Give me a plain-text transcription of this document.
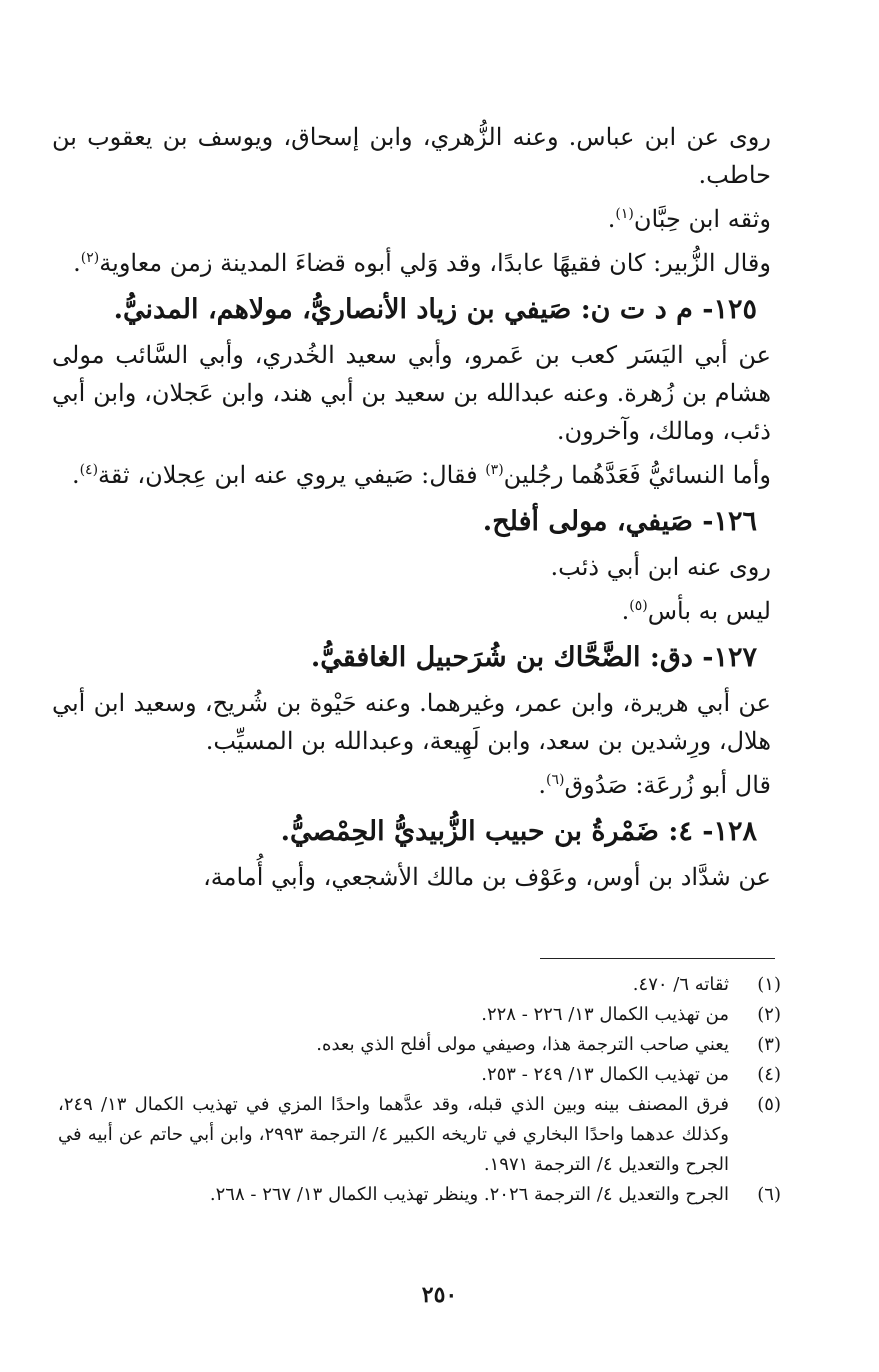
روى عن ابن عباس. وعنه الزُّهري، وابن إسحاق، ويوسف بن يعقوب بن حاطب.

وثقه ابن حِبَّان$^{(١)}$.

وقال الزُّبير: كان فقيهًا عابدًا، وقد وَلي أبوه قضاءَ المدينة زمن معاوية$^{(٢)}$.

١٢٥- م د ت ن: صَيفي بن زياد الأنصاريُّ، مولاهم، المدنيُّ.

عن أبي اليَسَر كعب بن عَمرو، وأبي سعيد الخُدري، وأبي السَّائب مولى هشام بن زُهرة. وعنه عبدالله بن سعيد بن أبي هند، وابن عَجلان، وابن أبي ذئب، ومالك، وآخرون.

وأما النسائيُّ فَعَدَّهُما رجُلين$^{(٣)}$ فقال: صَيفي يروي عنه ابن عِجلان، ثقة$^{(٤)}$.

١٢٦- صَيفي، مولى أفلح.

روى عنه ابن أبي ذئب.

ليس به بأس$^{(٥)}$.

١٢٧- دق: الضَّحَّاك بن شُرَحبيل الغافقيُّ.

عن أبي هريرة، وابن عمر، وغيرهما. وعنه حَيْوة بن شُريح، وسعيد ابن أبي هلال، ورِشدين بن سعد، وابن لَهِيعة، وعبدالله بن المسيِّب.

قال أبو زُرعَة: صَدُوق$^{(٦)}$.

١٢٨- ٤: ضَمْرةُ بن حبيب الزُّبيديُّ الحِمْصيُّ.

عن شدَّاد بن أوس، وعَوْف بن مالك الأشجعي، وأبي أُمامة،

(١)
ثقاته ٦/ ٤٧٠.
(٢)
من تهذيب الكمال ١٣/ ٢٢٦ - ٢٢٨.
(٣)
يعني صاحب الترجمة هذا، وصيفي مولى أفلح الذي بعده.
(٤)
من تهذيب الكمال ١٣/ ٢٤٩ - ٢٥٣.
(٥)
فرق المصنف بينه وبين الذي قبله، وقد عدَّهما واحدًا المزي في تهذيب الكمال ١٣/ ٢٤٩، وكذلك عدهما واحدًا البخاري في تاريخه الكبير ٤/ الترجمة ٢٩٩٣، وابن أبي حاتم عن أبيه في الجرح والتعديل ٤/ الترجمة ١٩٧١.
(٦)
الجرح والتعديل ٤/ الترجمة ٢٠٢٦. وينظر تهذيب الكمال ١٣/ ٢٦٧ - ٢٦٨.
٢٥٠
